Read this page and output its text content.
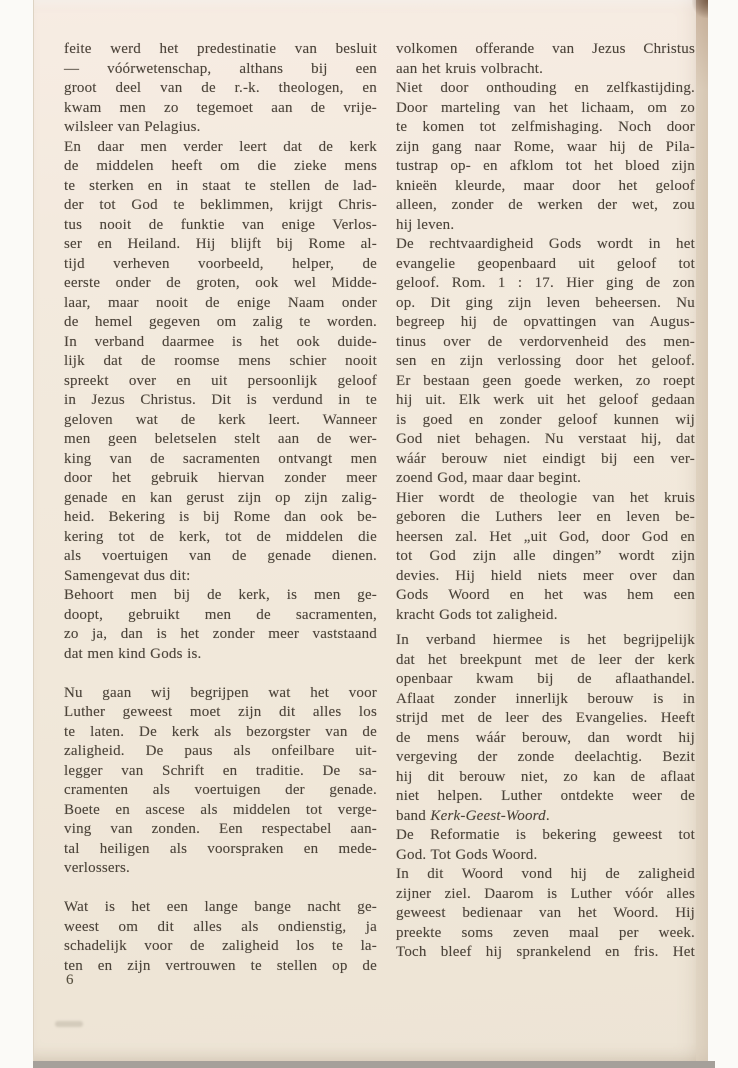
feite werd het predestinatie van besluit
— vóórwetenschap, althans bij een
groot deel van de r.-k. theologen, en
kwam men zo tegemoet aan de vrije-
wilsleer van Pelagius.
En daar men verder leert dat de kerk
de middelen heeft om die zieke mens
te sterken en in staat te stellen de lad-
der tot God te beklimmen, krijgt Chris-
tus nooit de funktie van enige Verlos-
ser en Heiland. Hij blijft bij Rome al-
tijd verheven voorbeeld, helper, de
eerste onder de groten, ook wel Midde-
laar, maar nooit de enige Naam onder
de hemel gegeven om zalig te worden.
In verband daarmee is het ook duide-
lijk dat de roomse mens schier nooit
spreekt over en uit persoonlijk geloof
in Jezus Christus. Dit is verdund in te
geloven wat de kerk leert. Wanneer
men geen beletselen stelt aan de wer-
king van de sacramenten ontvangt men
door het gebruik hiervan zonder meer
genade en kan gerust zijn op zijn zalig-
heid. Bekering is bij Rome dan ook be-
kering tot de kerk, tot de middelen die
als voertuigen van de genade dienen.
Samengevat dus dit:
Behoort men bij de kerk, is men ge-
doopt, gebruikt men de sacramenten,
zo ja, dan is het zonder meer vaststaand
dat men kind Gods is.
Nu gaan wij begrijpen wat het voor
Luther geweest moet zijn dit alles los
te laten. De kerk als bezorgster van de
zaligheid. De paus als onfeilbare uit-
legger van Schrift en traditie. De sa-
cramenten als voertuigen der genade.
Boete en ascese als middelen tot verge-
ving van zonden. Een respectabel aan-
tal heiligen als voorspraken en mede-
verlossers.
Wat is het een lange bange nacht ge-
weest om dit alles als ondienstig, ja
schadelijk voor de zaligheid los te la-
ten en zijn vertrouwen te stellen op de
volkomen offerande van Jezus Christus
aan het kruis volbracht.
Niet door onthouding en zelfkastijding.
Door marteling van het lichaam, om zo
te komen tot zelfmishaging. Noch door
zijn gang naar Rome, waar hij de Pila-
tustrap op- en afklom tot het bloed zijn
knieën kleurde, maar door het geloof
alleen, zonder de werken der wet, zou
hij leven.
De rechtvaardigheid Gods wordt in het
evangelie geopenbaard uit geloof tot
geloof. Rom. 1 : 17. Hier ging de zon
op. Dit ging zijn leven beheersen. Nu
begreep hij de opvattingen van Augus-
tinus over de verdorvenheid des men-
sen en zijn verlossing door het geloof.
Er bestaan geen goede werken, zo roept
hij uit. Elk werk uit het geloof gedaan
is goed en zonder geloof kunnen wij
God niet behagen. Nu verstaat hij, dat
wáár berouw niet eindigt bij een ver-
zoend God, maar daar begint.
Hier wordt de theologie van het kruis
geboren die Luthers leer en leven be-
heersen zal. Het „uit God, door God en
tot God zijn alle dingen” wordt zijn
devies. Hij hield niets meer over dan
Gods Woord en het was hem een
kracht Gods tot zaligheid.
In verband hiermee is het begrijpelijk
dat het breekpunt met de leer der kerk
openbaar kwam bij de aflaathandel.
Aflaat zonder innerlijk berouw is in
strijd met de leer des Evangelies. Heeft
de mens wáár berouw, dan wordt hij
vergeving der zonde deelachtig. Bezit
hij dit berouw niet, zo kan de aflaat
niet helpen. Luther ontdekte weer de
band Kerk-Geest-Woord.
De Reformatie is bekering geweest tot
God. Tot Gods Woord.
In dit Woord vond hij de zaligheid
zijner ziel. Daarom is Luther vóór alles
geweest bedienaar van het Woord. Hij
preekte soms zeven maal per week.
Toch bleef hij sprankelend en fris. Het
6
